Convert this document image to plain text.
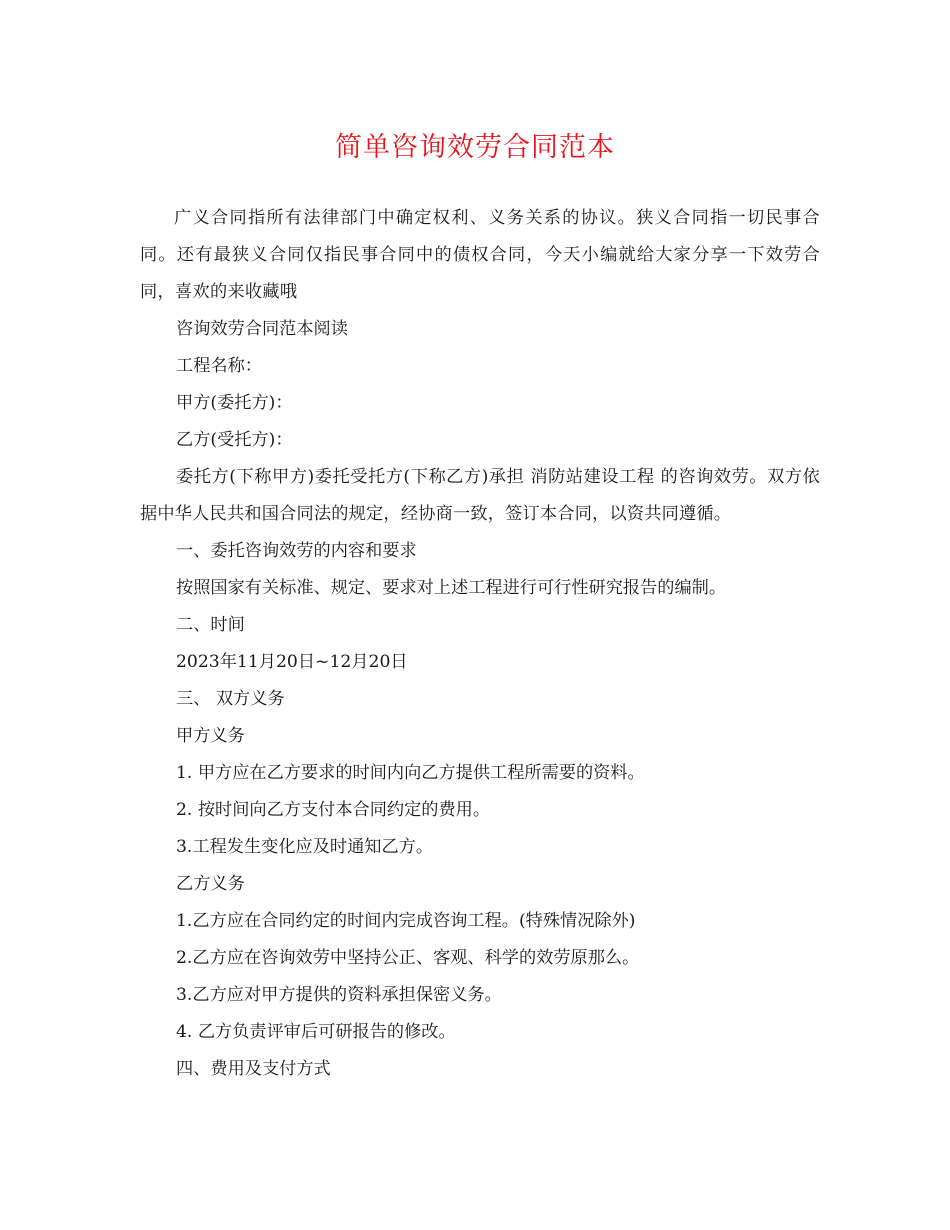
简单咨询效劳合同范本

广义合同指所有法律部门中确定权利、义务关系的协议。狭义合同指一切民事合同。还有最狭义合同仅指民事合同中的债权合同，今天小编就给大家分享一下效劳合同，喜欢的来收藏哦

咨询效劳合同范本阅读

工程名称：

甲方(委托方)：

乙方(受托方)：

委托方(下称甲方)委托受托方(下称乙方)承担 消防站建设工程 的咨询效劳。双方依据中华人民共和国合同法的规定，经协商一致，签订本合同，以资共同遵循。

一、委托咨询效劳的内容和要求

按照国家有关标准、规定、要求对上述工程进行可行性研究报告的编制。

二、时间

2023年11月20日~12月20日

三、 双方义务

甲方义务

1. 甲方应在乙方要求的时间内向乙方提供工程所需要的资料。

2. 按时间向乙方支付本合同约定的费用。

3.工程发生变化应及时通知乙方。

乙方义务

1.乙方应在合同约定的时间内完成咨询工程。(特殊情况除外)

2.乙方应在咨询效劳中坚持公正、客观、科学的效劳原那么。

3.乙方应对甲方提供的资料承担保密义务。

4. 乙方负责评审后可研报告的修改。

四、费用及支付方式
